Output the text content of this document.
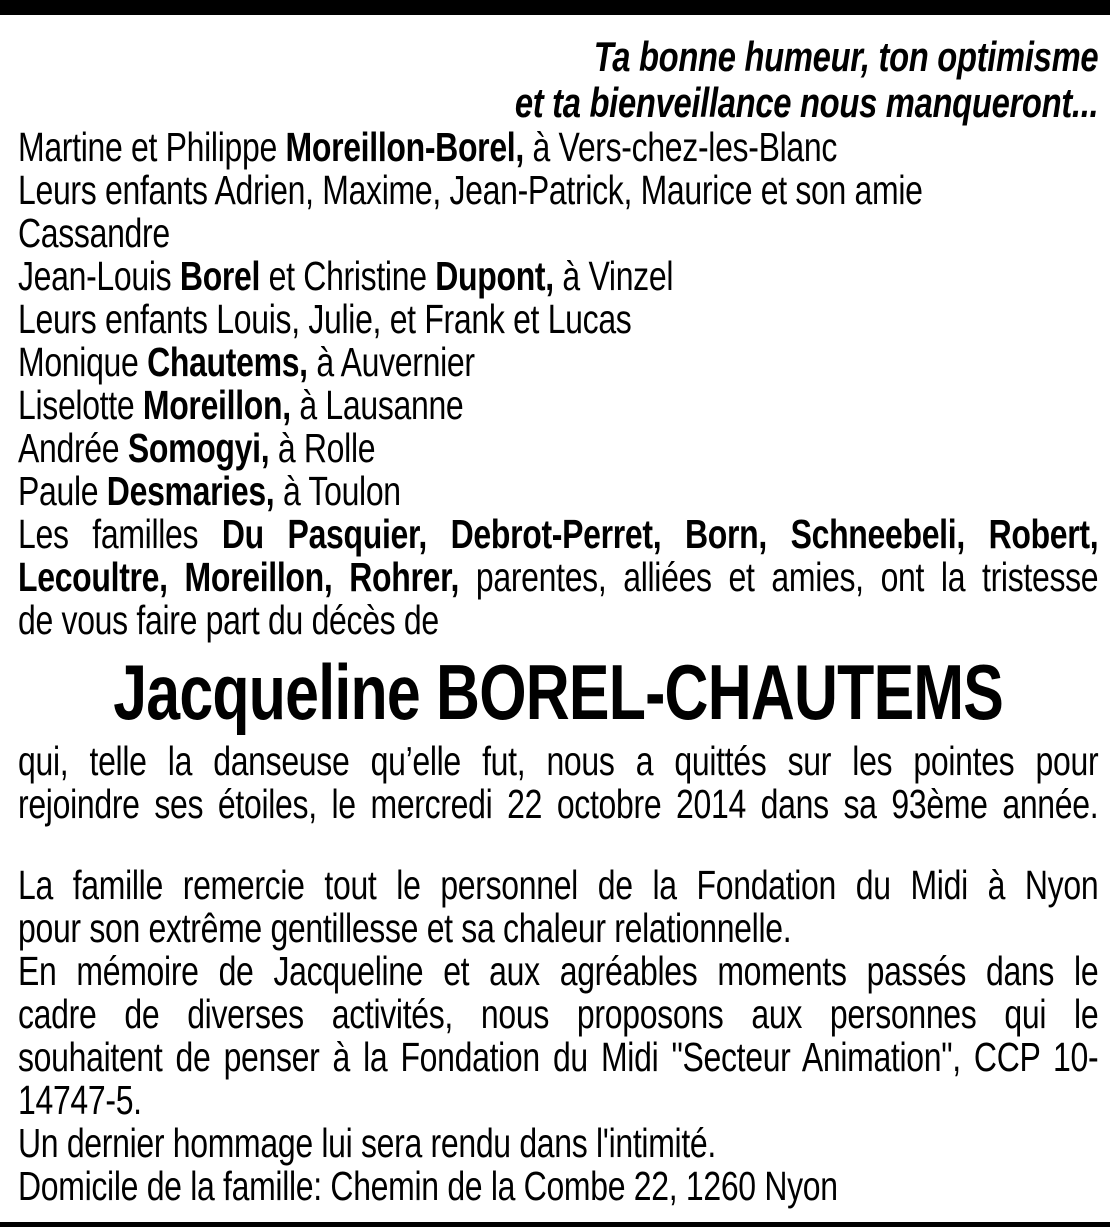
Ta bonne humeur, ton optimisme
et ta bienveillance nous manqueront...
Martine et Philippe Moreillon-Borel, à Vers-chez-les-Blanc
Leurs enfants Adrien, Maxime, Jean-Patrick, Maurice et son amie
Cassandre
Jean-Louis Borel et Christine Dupont, à Vinzel
Leurs enfants Louis, Julie, et Frank et Lucas
Monique Chautems, à Auvernier
Liselotte Moreillon, à Lausanne
Andrée Somogyi, à Rolle
Paule Desmaries, à Toulon
Les familles Du Pasquier, Debrot-Perret, Born, Schneebeli, Robert,
Lecoultre, Moreillon, Rohrer, parentes, alliées et amies, ont la tristesse
de vous faire part du décès de
Jacqueline BOREL-CHAUTEMS
qui, telle la danseuse qu’elle fut, nous a quittés sur les pointes pour
rejoindre ses étoiles, le mercredi 22 octobre 2014 dans sa 93ème année.
La famille remercie tout le personnel de la Fondation du Midi à Nyon
pour son extrême gentillesse et sa chaleur relationnelle.
En mémoire de Jacqueline et aux agréables moments passés dans le
cadre de diverses activités, nous proposons aux personnes qui le
souhaitent de penser à la Fondation du Midi "Secteur Animation", CCP 10-
14747-5.
Un dernier hommage lui sera rendu dans l'intimité.
Domicile de la famille: Chemin de la Combe 22, 1260 Nyon
